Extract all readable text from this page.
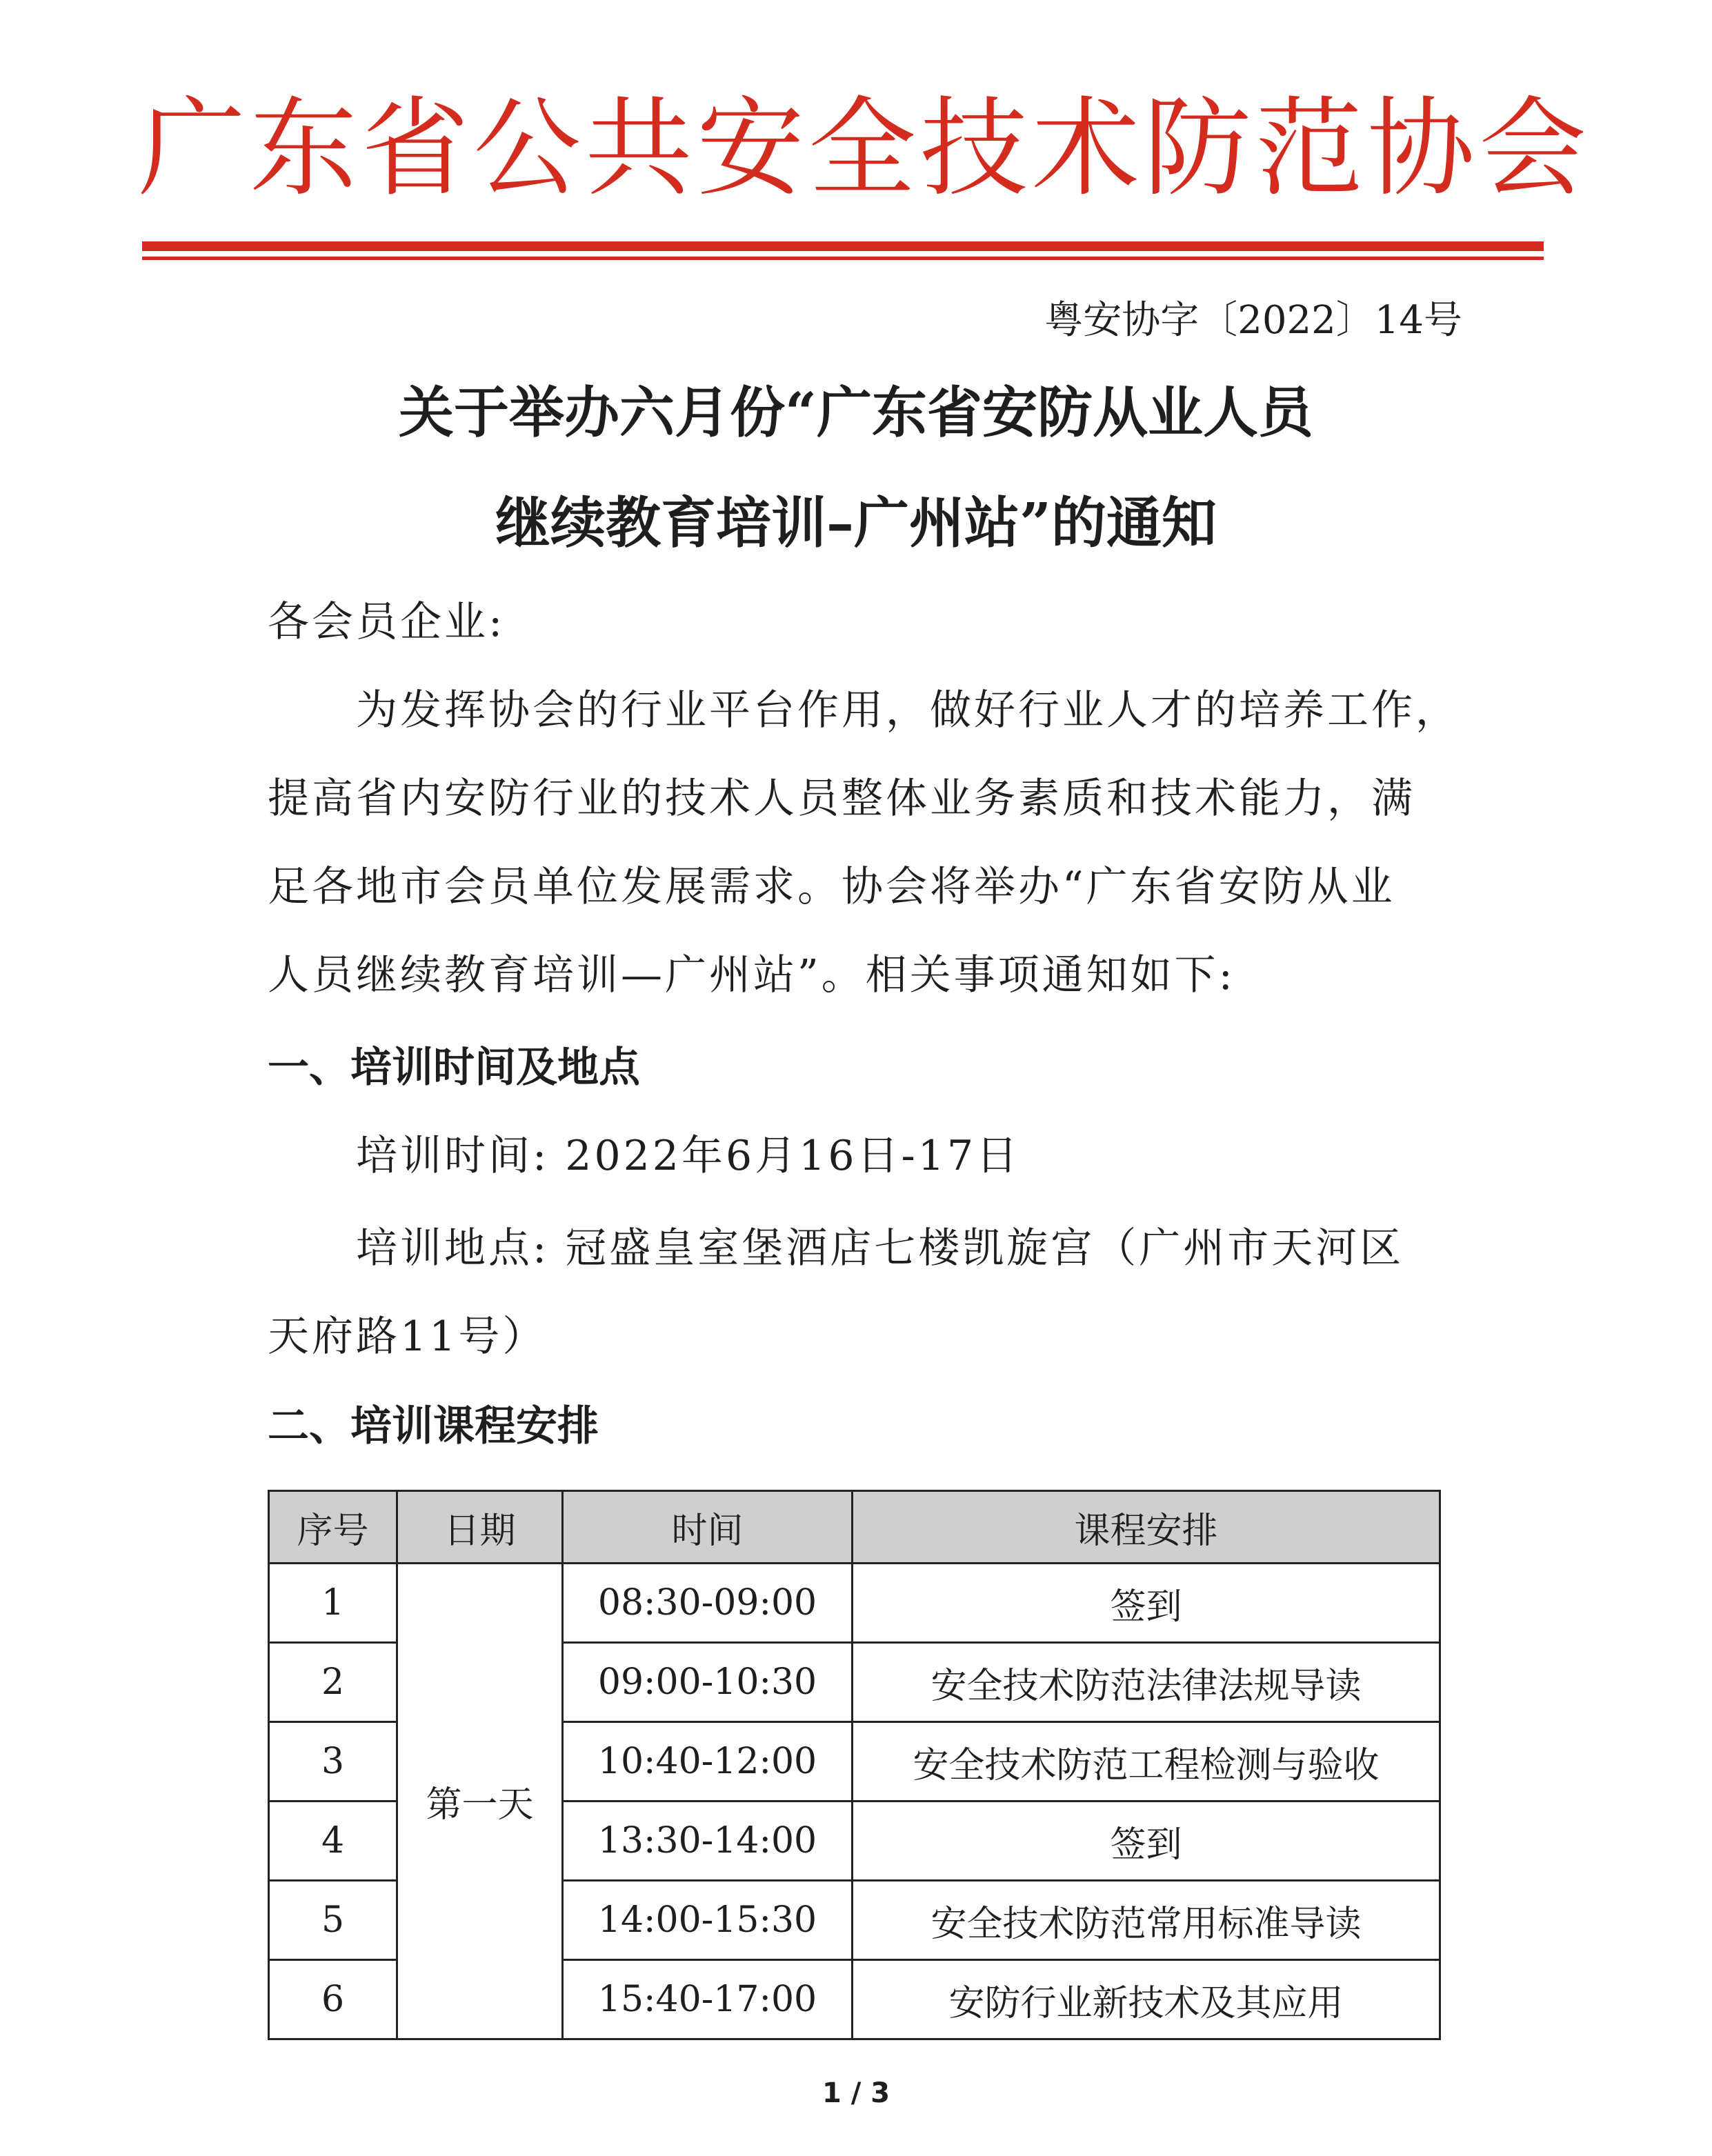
广东省公共安全技术防范协会
粤安协字〔2022〕14号
关于举办六月份“广东省安防从业人员
继续教育培训–广州站”的通知
各会员企业:
为发挥协会的行业平台作用，做好行业人才的培养工作，
提高省内安防行业的技术人员整体业务素质和技术能力，满
足各地市会员单位发展需求。协会将举办“广东省安防从业
人员继续教育培训—广州站”。相关事项通知如下:
一、培训时间及地点
培训时间: 2022年6月16日-17日
培训地点: 冠盛皇室堡酒店七楼凯旋宫（广州市天河区
天府路11号）
二、培训课程安排
序号	日期	时间	课程安排
1	第一天	08:30-09:00	签到
2		09:00-10:30	安全技术防范法律法规导读
3		10:40-12:00	安全技术防范工程检测与验收
4		13:30-14:00	签到
5		14:00-15:30	安全技术防范常用标准导读
6		15:40-17:00	安防行业新技术及其应用
1 / 3
